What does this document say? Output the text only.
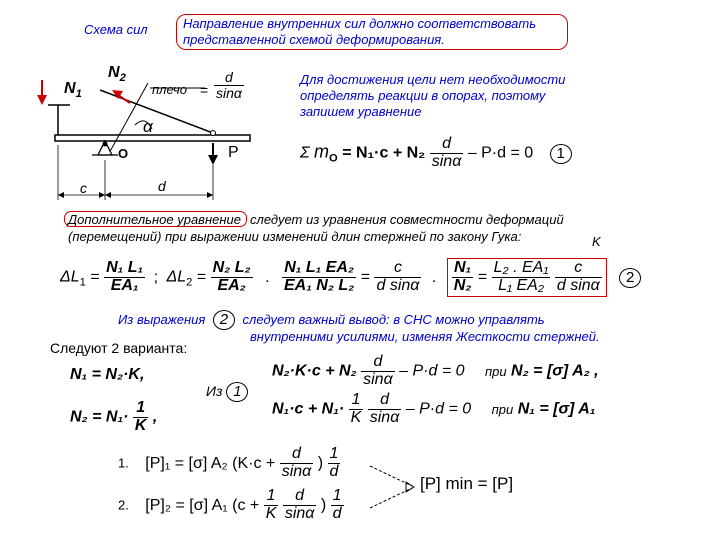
Схема сил	Направление внутренних сил должно соответствовать
представленной схемой деформирования.
$N_1$
$N_2$
плечо = $\frac{d}{\sin\alpha}$
α
O	P
c	d
Для достижения цели нет необходимости
определять реакции в опорах, поэтому
запишем уравнение
Σ $m_O = N_1\cdot c + N_2 \frac{d}{\sin\alpha} - P\cdot d = 0$ 1
Дополнительное уравнение следует из уравнения совместности деформаций
(перемещений) при выражении изменений длин стержней по закону Гука:	K
$\Delta L_1 = \frac{\text{N₁ L₁}}{\text{EA₁}}$ ; $\Delta L_2 = \frac{\text{N₂ L₂}}{\text{EA₂}}$ . $\frac{\text{N₁ L₁ EA₂}}{\text{EA₁ N₂ L₂}} = \frac{c}{\text{d sinα}}$ . $\frac{\text{N₁}}{\text{N₂}} = \frac{\text{L₂ . EA₁}}{\text{L₁ EA₂}}$
$\frac{c}{\text{d sinα}} 2$
Из выражения 2 следует важный вывод: в СНС можно управлять
внутренними усилиями, изменяя Жесткости стержней.
Следуют 2 варианта:
N₁ = N₂·K,
$N_2 = N_1\cdot \frac{1}{K}$ ,
Из 1
$N_2\cdot K\cdot c + N_2 \frac{d}{\sin\alpha} - P\cdot d = 0$ при N₂ = [σ] A₂ ,
$N_1\cdot c + N_1\cdot \frac{1}{K}$
$\frac{d}{\sin\alpha} - P\cdot d = 0$ при N₁ = [σ] A₁
1. [P]₁ = [σ] A₂ ($K\cdot c + \frac{d}{\sin\alpha}$ ) $\frac{1}{d}$
2. [P]₂ = [σ] A₁ ($c + \frac{1}{K}$
$\frac{d}{\sin\alpha}$ ) $\frac{1}{d}$
[P] min = [P]
